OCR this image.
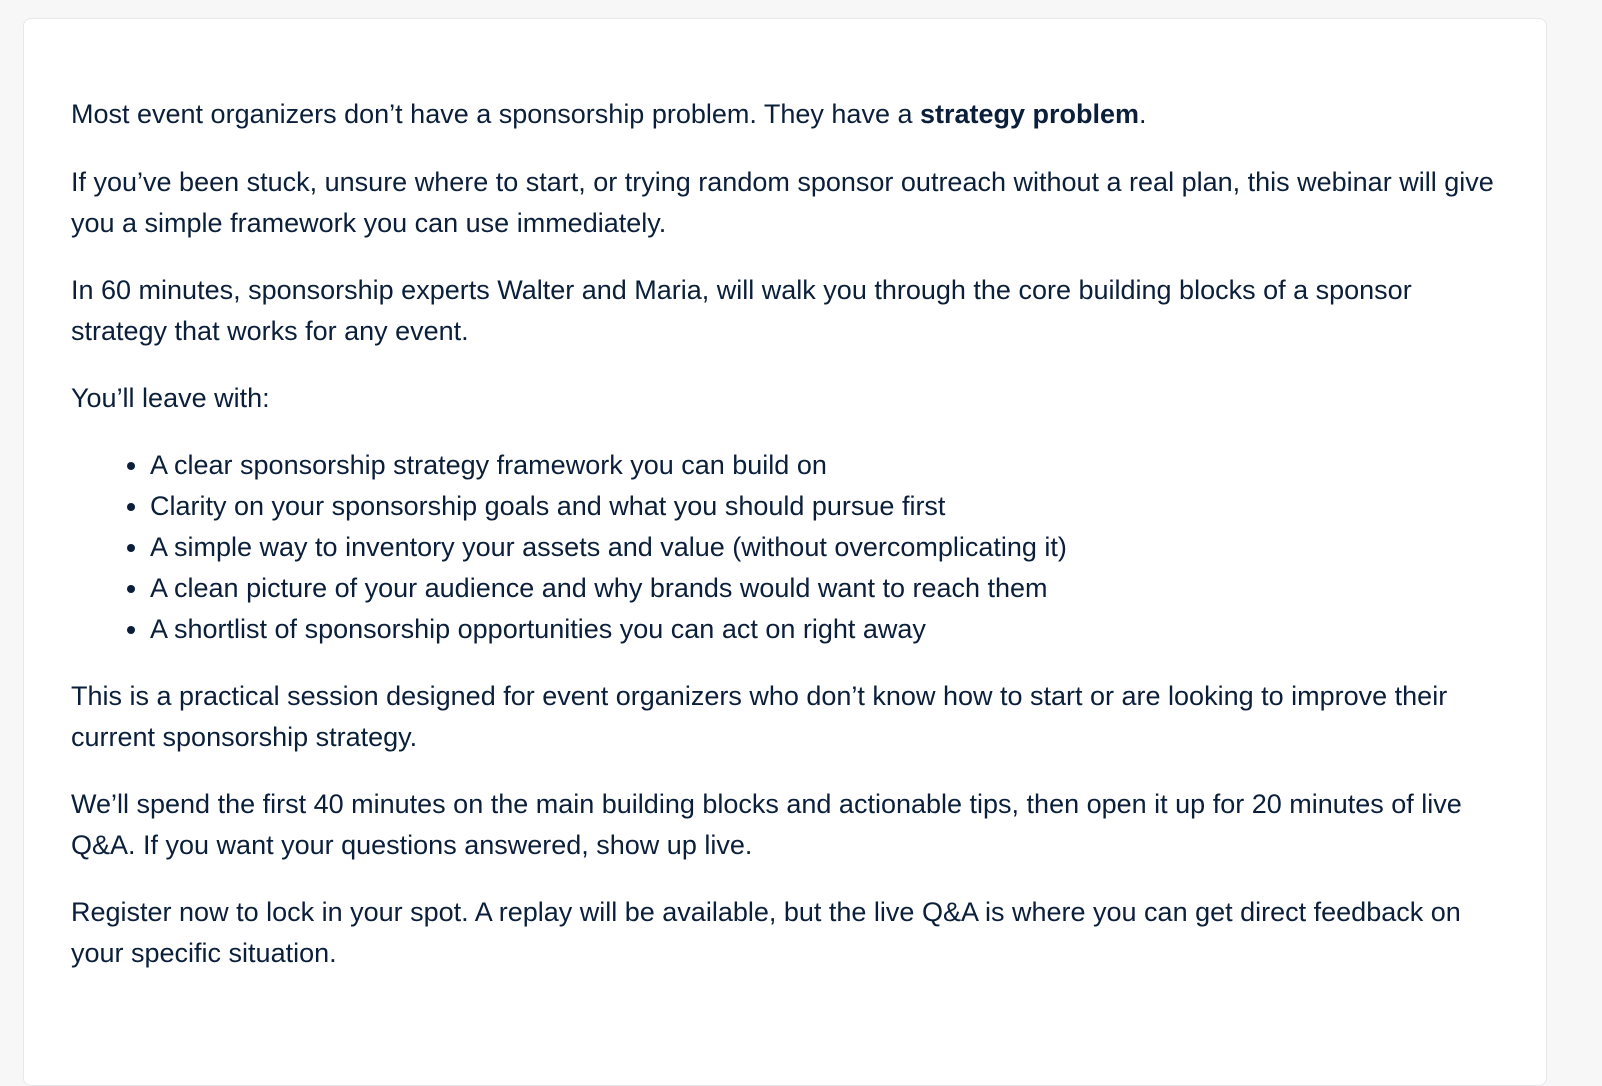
Most event organizers don’t have a sponsorship problem. They have a strategy problem.

If you’ve been stuck, unsure where to start, or trying random sponsor outreach without a real plan, this webinar will give you a simple framework you can use immediately.

In 60 minutes, sponsorship experts Walter and Maria, will walk you through the core building blocks of a sponsor strategy that works for any event.

You’ll leave with:

• A clear sponsorship strategy framework you can build on
• Clarity on your sponsorship goals and what you should pursue first
• A simple way to inventory your assets and value (without overcomplicating it)
• A clean picture of your audience and why brands would want to reach them
• A shortlist of sponsorship opportunities you can act on right away

This is a practical session designed for event organizers who don’t know how to start or are looking to improve their current sponsorship strategy.

We’ll spend the first 40 minutes on the main building blocks and actionable tips, then open it up for 20 minutes of live Q&A. If you want your questions answered, show up live.

Register now to lock in your spot. A replay will be available, but the live Q&A is where you can get direct feedback on your specific situation.
